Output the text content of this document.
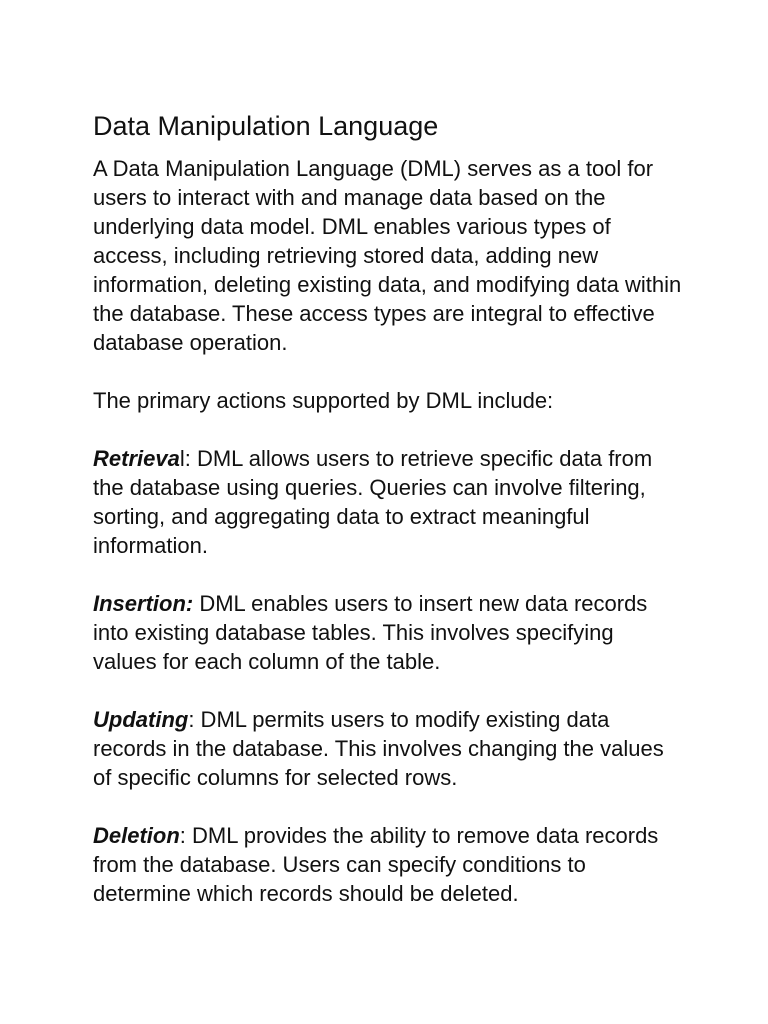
Data Manipulation Language

A Data Manipulation Language (DML) serves as a tool for users to interact with and manage data based on the underlying data model. DML enables various types of access, including retrieving stored data, adding new information, deleting existing data, and modifying data within the database. These access types are integral to effective database operation.

The primary actions supported by DML include:

Retrieval: DML allows users to retrieve specific data from the database using queries. Queries can involve filtering, sorting, and aggregating data to extract meaningful information.

Insertion: DML enables users to insert new data records into existing database tables. This involves specifying values for each column of the table.

Updating: DML permits users to modify existing data records in the database. This involves changing the values of specific columns for selected rows.

Deletion: DML provides the ability to remove data records from the database. Users can specify conditions to determine which records should be deleted.
